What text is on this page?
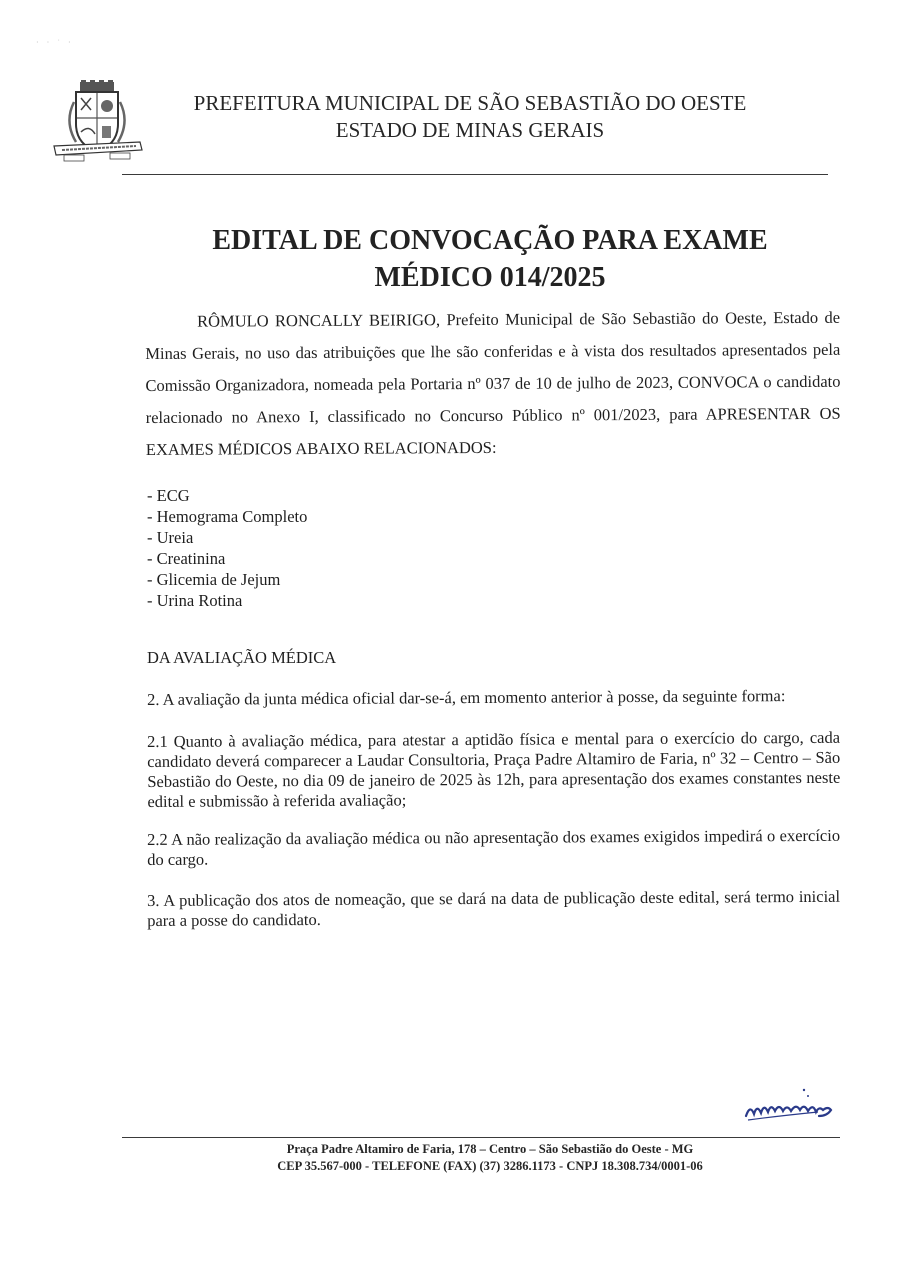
· · ˙ ·
PREFEITURA MUNICIPAL DE SÃO SEBASTIÃO DO OESTE
ESTADO DE MINAS GERAIS
EDITAL DE CONVOCAÇÃO PARA EXAME
MÉDICO 014/2025
RÔMULO RONCALLY BEIRIGO, Prefeito Municipal de São Sebastião do Oeste, Estado de Minas Gerais, no uso das atribuições que lhe são conferidas e à vista dos resultados apresentados pela Comissão Organizadora, nomeada pela Portaria nº 037 de 10 de julho de 2023, CONVOCA o candidato relacionado no Anexo I, classificado no Concurso Público nº 001/2023, para APRESENTAR OS EXAMES MÉDICOS ABAIXO RELACIONADOS:
- ECG
- Hemograma Completo
- Ureia
- Creatinina
- Glicemia de Jejum
- Urina Rotina
DA AVALIAÇÃO MÉDICA
2. A avaliação da junta médica oficial dar-se-á, em momento anterior à posse, da seguinte forma:
2.1 Quanto à avaliação médica, para atestar a aptidão física e mental para o exercício do cargo, cada candidato deverá comparecer a Laudar Consultoria, Praça Padre Altamiro de Faria, nº 32 – Centro – São Sebastião do Oeste, no dia 09 de janeiro de 2025 às 12h, para apresentação dos exames constantes neste edital e submissão à referida avaliação;
2.2 A não realização da avaliação médica ou não apresentação dos exames exigidos impedirá o exercício do cargo.
3. A publicação dos atos de nomeação, que se dará na data de publicação deste edital, será termo inicial para a posse do candidato.
Praça Padre Altamiro de Faria, 178 – Centro – São Sebastião do Oeste - MG
CEP 35.567-000 - TELEFONE (FAX) (37) 3286.1173 - CNPJ 18.308.734/0001-06
